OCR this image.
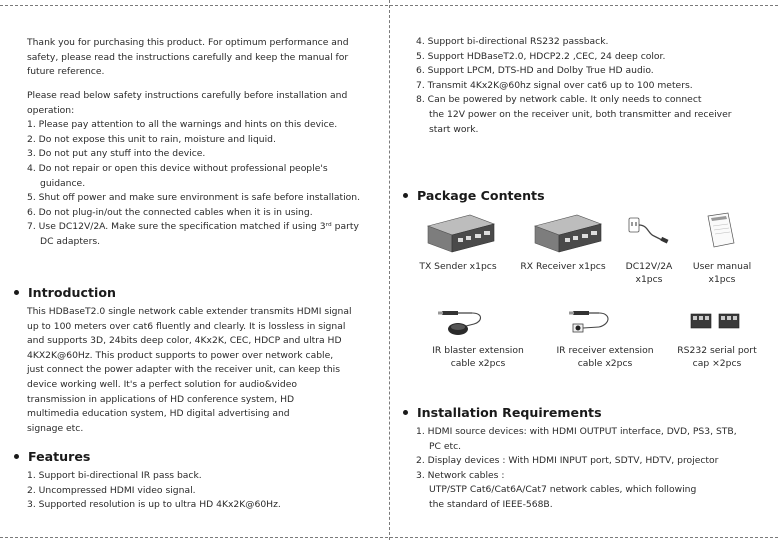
Thank you for purchasing this product. For optimum performance and
safety, please read the instructions carefully and keep the manual for
future reference.
Please read below safety instructions carefully before installation and
operation:
1. Please pay attention to all the warnings and hints on this device.
2. Do not expose this unit to rain, moisture and liquid.
3. Do not put any stuff into the device.
4. Do not repair or open this device without professional people's
guidance.
5. Shut off power and make sure environment is safe before installation.
6. Do not plug-in/out the connected cables when it is in using.
7. Use DC12V/2A. Make sure the specification matched if using 3ʳᵈ party
DC adapters.
Introduction
This HDBaseT2.0 single network cable extender transmits HDMI signal
up to 100 meters over cat6 fluently and clearly. It is lossless in signal
and supports 3D, 24bits deep color, 4Kx2K, CEC, HDCP and ultra HD
4KX2K@60Hz. This product supports to power over network cable,
just connect the power adapter with the receiver unit, can keep this
device working well. It's a perfect solution for audio&video
transmission in applications of HD conference system, HD
multimedia education system, HD digital advertising and
signage etc.
Features
1. Support bi-directional IR pass back.
2. Uncompressed HDMI video signal.
3. Supported resolution is up to ultra HD 4Kx2K@60Hz.
4. Support bi-directional RS232 passback.
5. Support HDBaseT2.0, HDCP2.2 ,CEC, 24 deep color.
6. Support LPCM, DTS-HD and Dolby True HD audio.
7. Transmit 4Kx2K@60hz signal over cat6 up to 100 meters.
8. Can be powered by network cable. It only needs to connect
the 12V power on the receiver unit, both transmitter and receiver
start work.
Package Contents
TX Sender x1pcs	RX Receiver x1pcs	DC12V/2A
x1pcs
User manual
x1pcs
IR blaster extension
cable x2pcs
IR receiver extension
cable x2pcs
RS232 serial port
cap ×2pcs
Installation Requirements
1. HDMI source devices: with HDMI OUTPUT interface, DVD, PS3, STB,
PC etc.
2. Display devices : With HDMI INPUT port, SDTV, HDTV, projector
3. Network cables :
UTP/STP Cat6/Cat6A/Cat7 network cables, which following
the standard of IEEE-568B.
